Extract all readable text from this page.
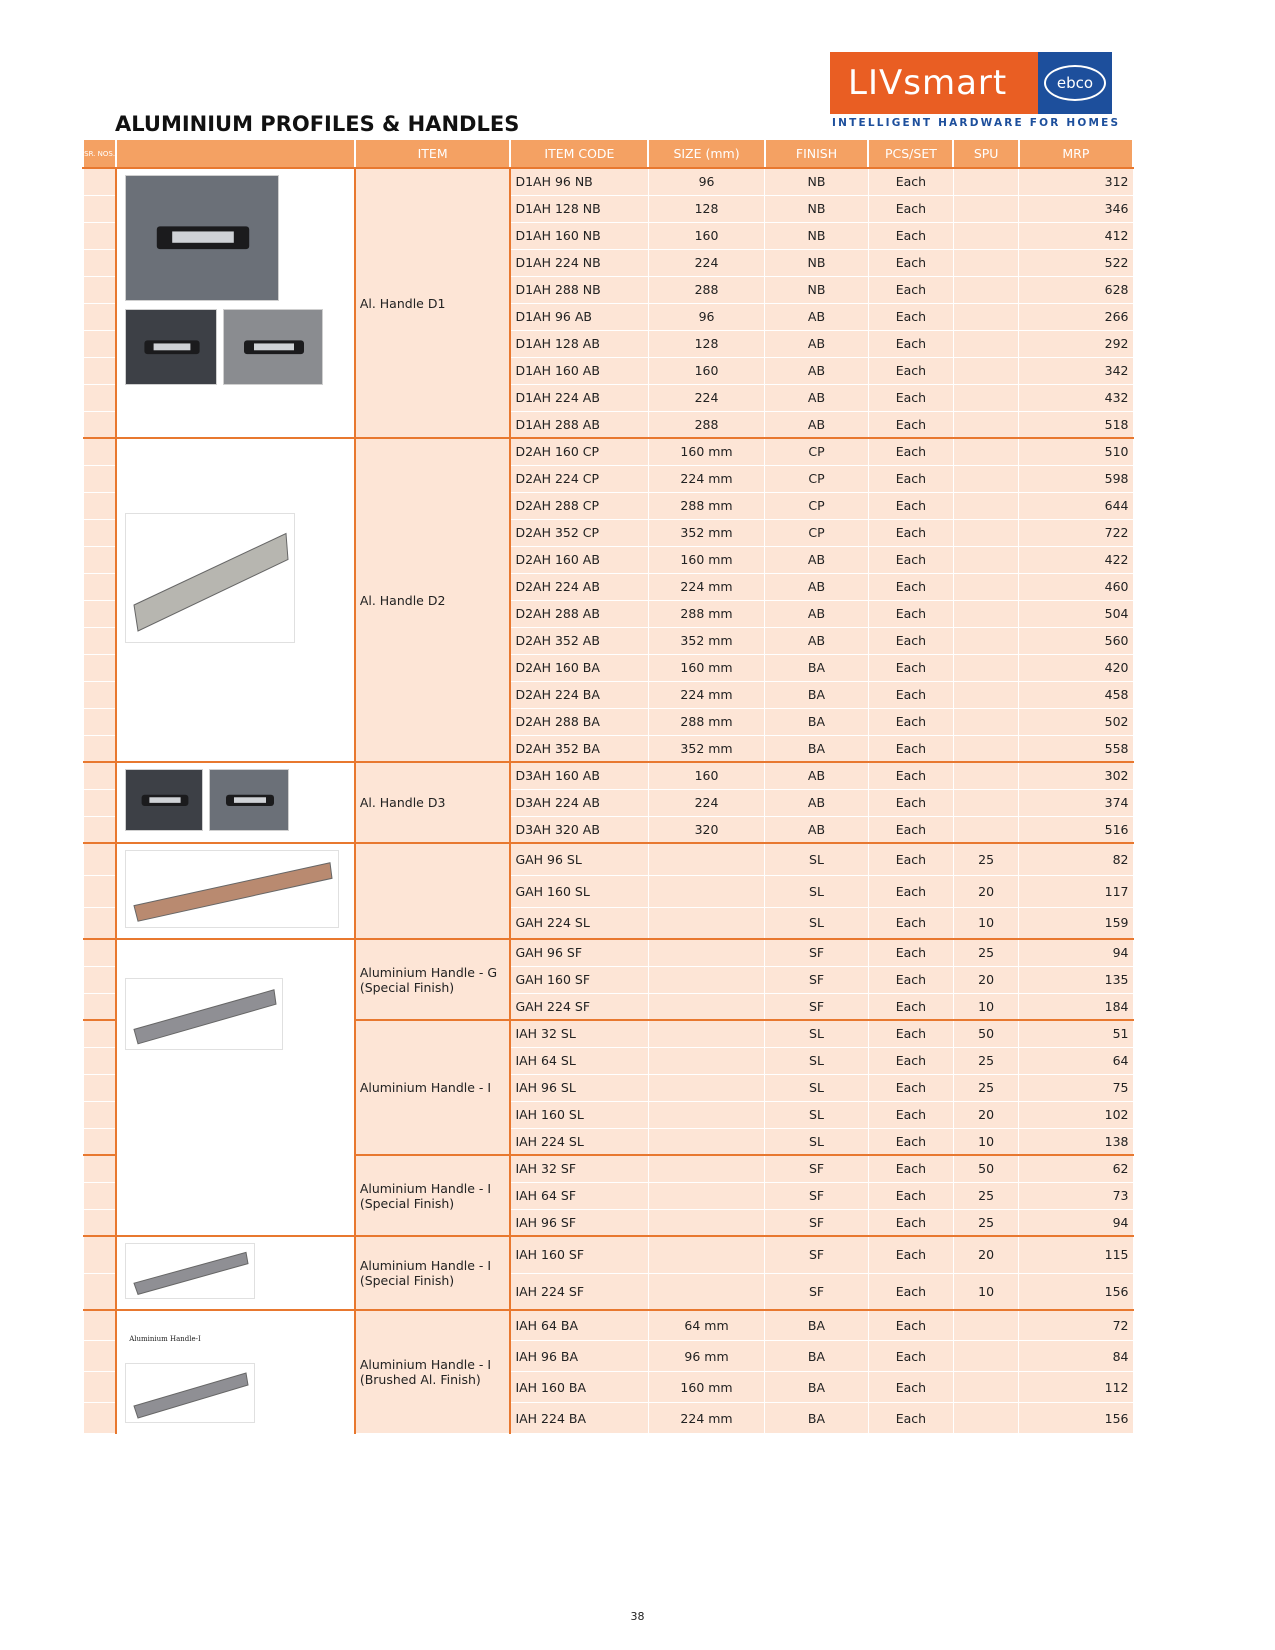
LIVsmart	ebco
INTELLIGENT HARDWARE FOR HOMES
ALUMINIUM PROFILES & HANDLES
SR. NOS.		ITEM	ITEM CODE	SIZE (mm)	FINISH	PCS/SET	SPU	MRP
		Al. Handle D1	D1AH 96 NB	96	NB	Each		312
			D1AH 128 NB	128	NB	Each		346
			D1AH 160 NB	160	NB	Each		412
			D1AH 224 NB	224	NB	Each		522
			D1AH 288 NB	288	NB	Each		628
			D1AH 96 AB	96	AB	Each		266
			D1AH 128 AB	128	AB	Each		292
			D1AH 160 AB	160	AB	Each		342
			D1AH 224 AB	224	AB	Each		432
			D1AH 288 AB	288	AB	Each		518
		Al. Handle D2	D2AH 160 CP	160 mm	CP	Each		510
			D2AH 224 CP	224 mm	CP	Each		598
			D2AH 288 CP	288 mm	CP	Each		644
			D2AH 352 CP	352 mm	CP	Each		722
			D2AH 160 AB	160 mm	AB	Each		422
			D2AH 224 AB	224 mm	AB	Each		460
			D2AH 288 AB	288 mm	AB	Each		504
			D2AH 352 AB	352 mm	AB	Each		560
			D2AH 160 BA	160 mm	BA	Each		420
			D2AH 224 BA	224 mm	BA	Each		458
			D2AH 288 BA	288 mm	BA	Each		502
			D2AH 352 BA	352 mm	BA	Each		558
		Al. Handle D3	D3AH 160 AB	160	AB	Each		302
			D3AH 224 AB	224	AB	Each		374
			D3AH 320 AB	320	AB	Each		516
			GAH 96 SL		SL	Each	25	82
			GAH 160 SL		SL	Each	20	117
			GAH 224 SL		SL	Each	10	159
		Aluminium Handle - G (Special Finish)	GAH 96 SF		SF	Each	25	94
			GAH 160 SF		SF	Each	20	135
			GAH 224 SF		SF	Each	10	184
		Aluminium Handle - I	IAH 32 SL		SL	Each	50	51
			IAH 64 SL		SL	Each	25	64
			IAH 96 SL		SL	Each	25	75
			IAH 160 SL		SL	Each	20	102
			IAH 224 SL		SL	Each	10	138
		Aluminium Handle - I (Special Finish)	IAH 32 SF		SF	Each	50	62
			IAH 64 SF		SF	Each	25	73
			IAH 96 SF		SF	Each	25	94
		Aluminium Handle - I (Special Finish)	IAH 160 SF		SF	Each	20	115
			IAH 224 SF		SF	Each	10	156

	Aluminium Handle-I	Aluminium Handle - I (Brushed Al. Finish)	IAH 64 BA	64 mm	BA	Each		72
			IAH 96 BA	96 mm	BA	Each		84
			IAH 160 BA	160 mm	BA	Each		112
			IAH 224 BA	224 mm	BA	Each		156
38
